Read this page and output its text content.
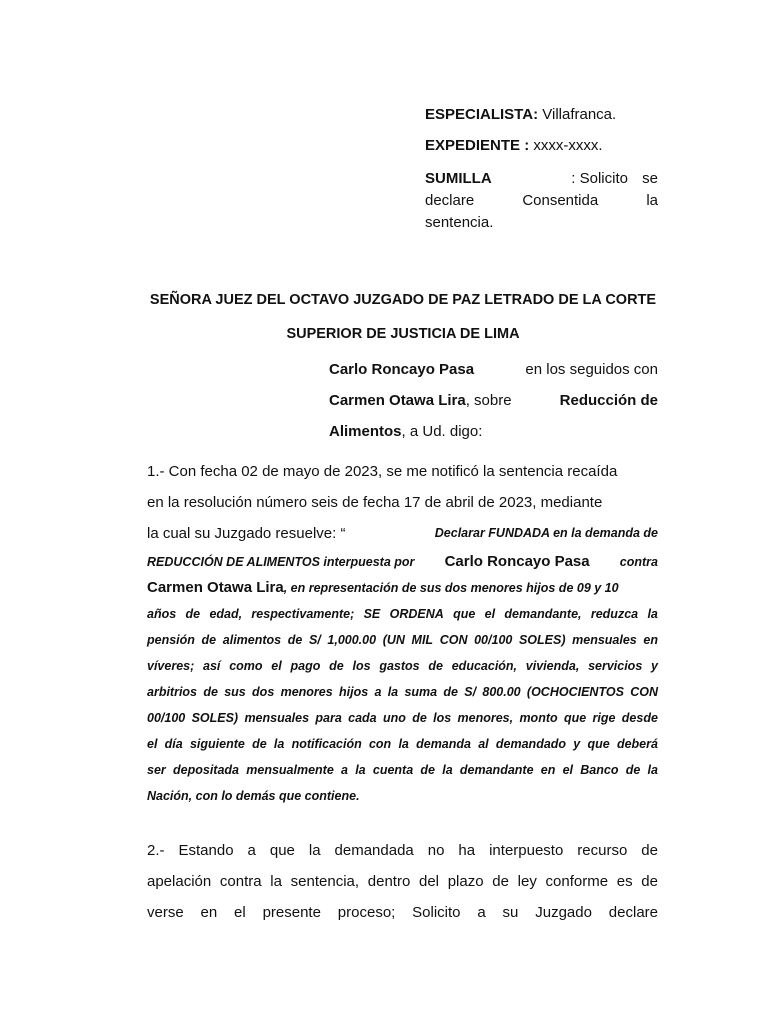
ESPECIALISTA: Villafranca.
EXPEDIENTE : xxxx-xxxx.
SUMILLA	: Solicito se
declare	Consentida	la
sentencia.
SEÑORA JUEZ DEL OCTAVO JUZGADO DE PAZ LETRADO DE LA CORTE
SUPERIOR DE JUSTICIA DE LIMA
Carlo Roncayo Pasa	en los seguidos con
Carmen Otawa Lira, sobre	Reducción de
Alimentos, a Ud. digo:
1.- Con fecha 02 de mayo de 2023, se me notificó la sentencia recaída
en la resolución número seis de fecha 17 de abril de 2023, mediante
la cual su Juzgado resuelve: “	Declarar FUNDADA en la demanda de
REDUCCIÓN DE ALIMENTOS interpuesta por Carlo Roncayo Pasa contra
Carmen Otawa Lira , en representación de sus dos menores hijos de 09 y 10
años de edad, respectivamente; SE ORDENA que el demandante, reduzca la
pensión de alimentos de S/ 1,000.00 (UN MIL CON 00/100 SOLES) mensuales en
víveres; así como el pago de los gastos de educación, vivienda, servicios y
arbitrios de sus dos menores hijos a la suma de S/ 800.00 (OCHOCIENTOS CON
00/100 SOLES) mensuales para cada uno de los menores, monto que rige desde
el día siguiente de la notificación con la demanda al demandado y que deberá
ser depositada mensualmente a la cuenta de la demandante en el Banco de la
Nación, con lo demás que contiene.
2.- Estando a que la demandada no ha interpuesto recurso de
apelación contra la sentencia, dentro del plazo de ley conforme es de
verse en el presente proceso; Solicito a su Juzgado declare
